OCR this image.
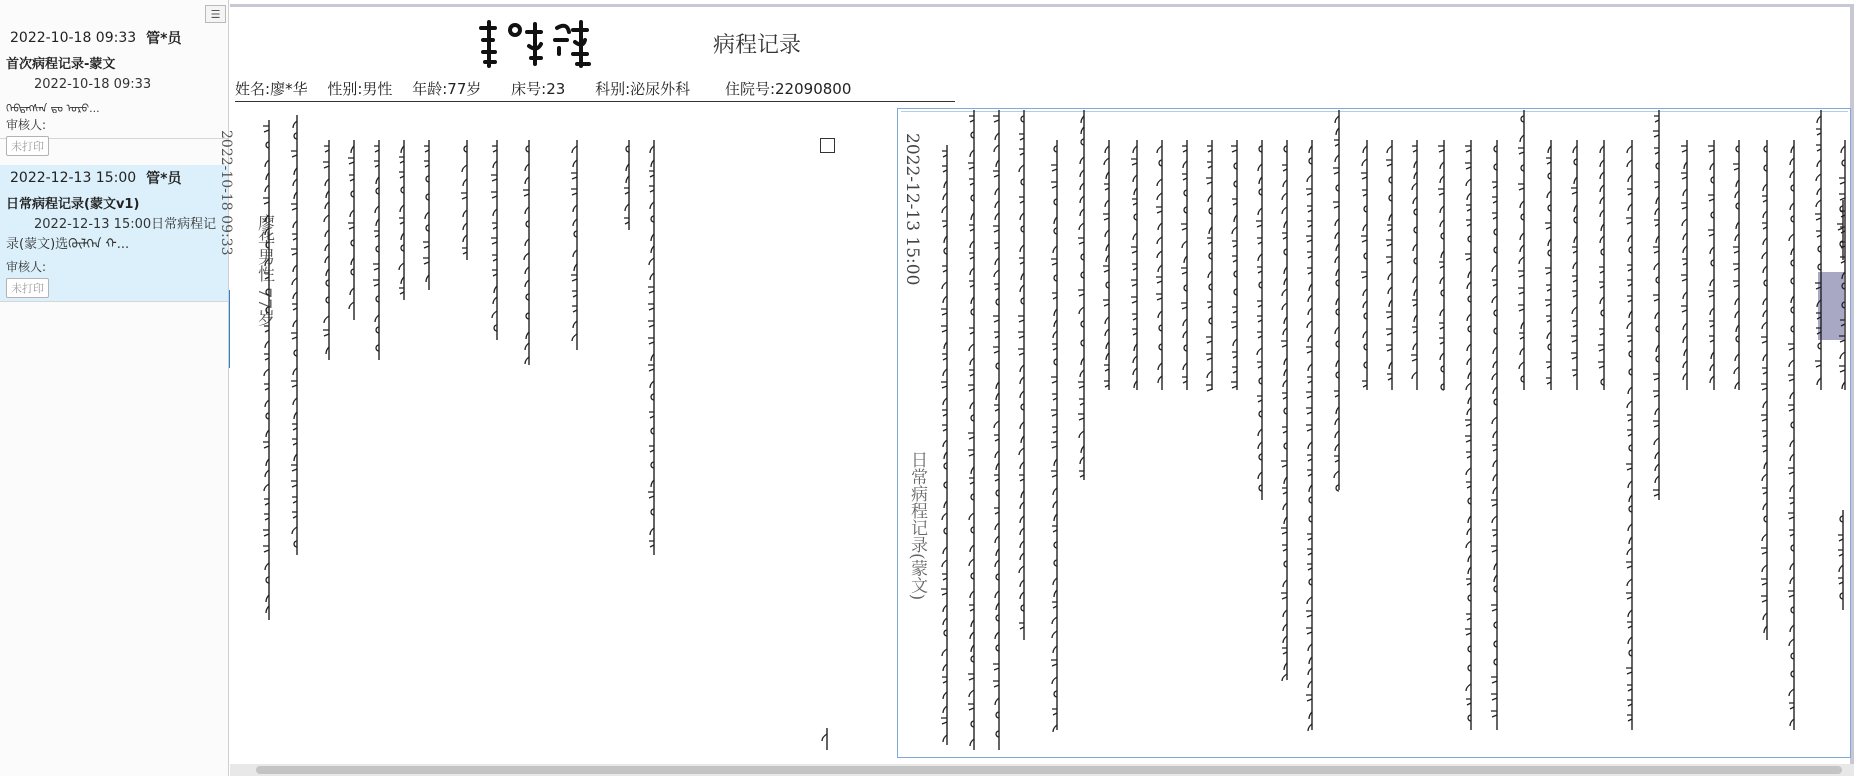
☰
2022-10-18 09:33 管*员
首次病程记录-蒙文
2022-10-18 09:33
ᠬᠡᠪᠲᠡᠭᠰᠡᠨ ᠳᠤ ᠤᠷᠤ...
审核人:
未打印
2022-12-13 15:00 管*员
日常病程记录(蒙文v1)
2022-12-13 15:00日常病程记录(蒙文)选ᠭᠦᠯᠭᠡᠨ ᠬ...
审核人:
未打印
病程记录
姓名:廖*华 性别:男性 年龄:77岁 床号:23 科别:泌尿外科 住院号:22090800
2022-10-18 09:33
廖华男性 77岁	2022-12-13 15:00
日常病程记录(蒙文)
